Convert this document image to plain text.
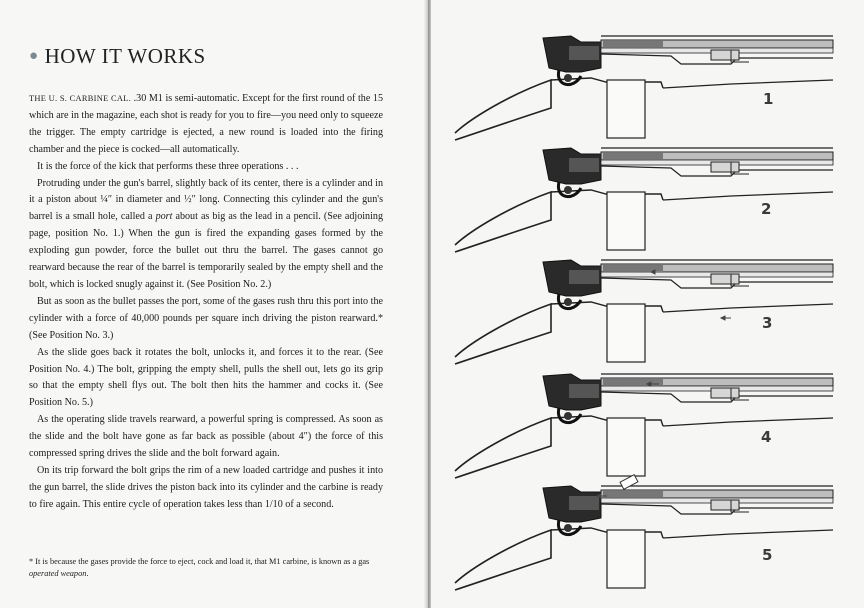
● HOW IT WORKS

THE U. S. CARBINE CAL. .30 M1 is semi-automatic. Except for the first round of the 15 which are in the magazine, each shot is ready for you to fire—you need only to squeeze the trigger. The empty cartridge is ejected, a new round is loaded into the firing chamber and the piece is cocked—all automatically.

It is the force of the kick that performs these three operations . . .

Protruding under the gun's barrel, slightly back of its center, there is a cylinder and in it a piston about ¼″ in diameter and ½″ long. Connecting this cylinder and the gun's barrel is a small hole, called a port about as big as the lead in a pencil. (See adjoining page, position No. 1.) When the gun is fired the expanding gases formed by the exploding gun powder, force the bullet out thru the barrel. The gases cannot go rearward because the rear of the barrel is temporarily sealed by the empty shell and the bolt, which is locked snugly against it. (See Position No. 2.)

But as soon as the bullet passes the port, some of the gases rush thru this port into the cylinder with a force of 40,000 pounds per square inch driving the piston rearward.* (See Position No. 3.)

As the slide goes back it rotates the bolt, unlocks it, and forces it to the rear. (See Position No. 4.) The bolt, gripping the empty shell, pulls the shell out, lets go its grip so that the empty shell flys out. The bolt then hits the hammer and cocks it. (See Position No. 5.)

As the operating slide travels rearward, a powerful spring is compressed. As soon as the slide and the bolt have gone as far back as possible (about 4″) the force of this compressed spring drives the slide and the bolt forward again.

On its trip forward the bolt grips the rim of a new loaded cartridge and pushes it into the gun barrel, the slide drives the piston back into its cylinder and the carbine is ready to fire again. This entire cycle of operation takes less than 1/10 of a second.

* It is because the gases provide the force to eject, cock and load it, that M1 carbine, is known as a gas operated weapon.
1
2
3
4
5
